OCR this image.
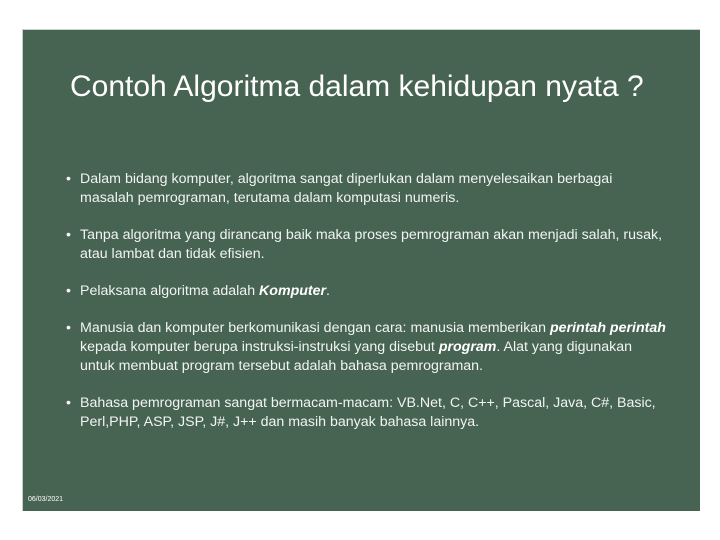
Contoh Algoritma dalam kehidupan nyata ?
• Dalam bidang komputer, algoritma sangat diperlukan dalam menyelesaikan berbagai masalah pemrograman, terutama dalam komputasi numeris.
• Tanpa algoritma yang dirancang baik maka proses pemrograman akan menjadi salah, rusak, atau lambat dan tidak efisien.
• Pelaksana algoritma adalah Komputer.
• Manusia dan komputer berkomunikasi dengan cara: manusia memberikan perintah perintah kepada komputer berupa instruksi-instruksi yang disebut program. Alat yang digunakan untuk membuat program tersebut adalah bahasa pemrograman.
• Bahasa pemrograman sangat bermacam-macam: VB.Net, C, C++, Pascal, Java, C#, Basic, Perl,PHP, ASP, JSP, J#, J++ dan masih banyak bahasa lainnya.
06/03/2021
